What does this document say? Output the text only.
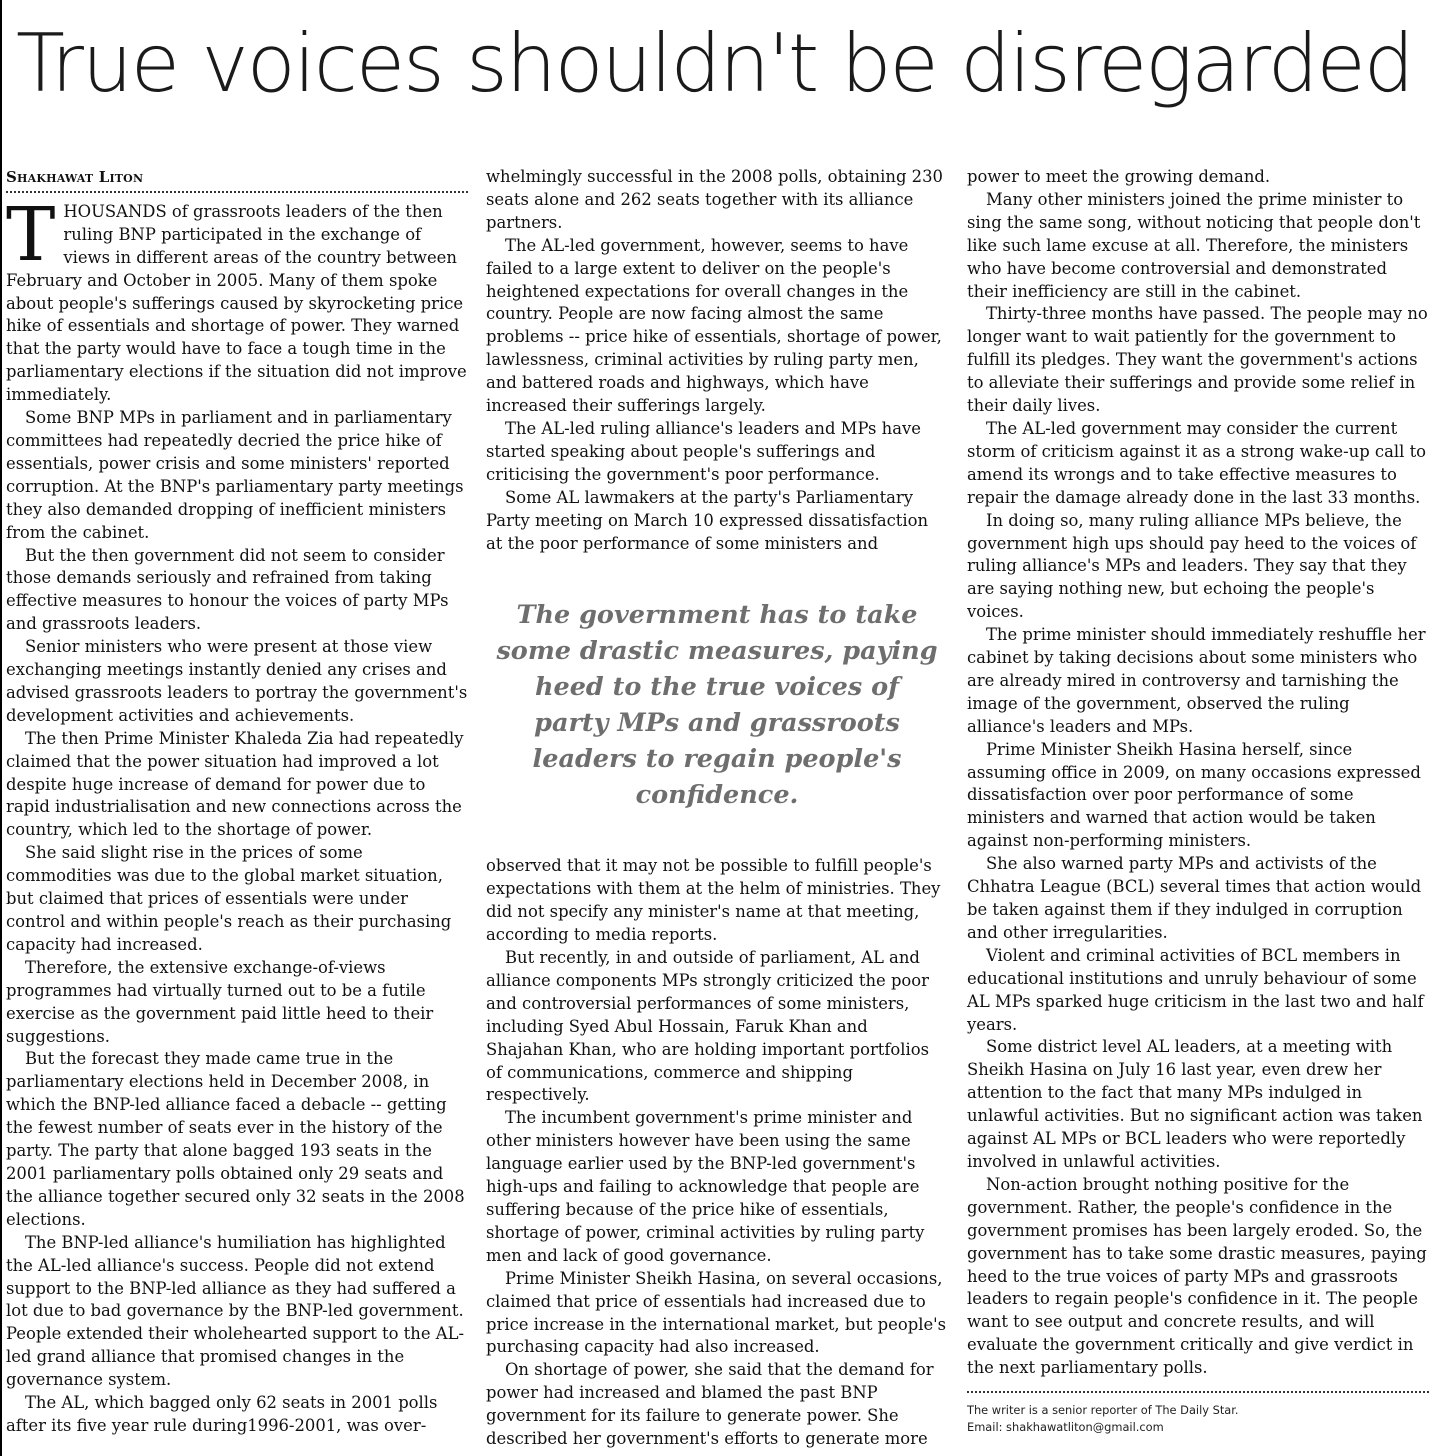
True voices shouldn't be disregarded
Shakhawat Liton

THOUSANDS of grassroots leaders of the then ruling BNP participated in the exchange of views in different areas of the country between February and October in 2005. Many of them spoke about people's sufferings caused by skyrocketing price hike of essentials and shortage of power. They warned that the party would have to face a tough time in the parliamentary elections if the situation did not improve immediately.

Some BNP MPs in parliament and in parliamentary committees had repeatedly decried the price hike of essentials, power crisis and some ministers' reported corruption. At the BNP's parliamentary party meetings they also demanded dropping of inefficient ministers from the cabinet.

But the then government did not seem to consider those demands seriously and refrained from taking effective measures to honour the voices of party MPs and grassroots leaders.

Senior ministers who were present at those view exchanging meetings instantly denied any crises and advised grassroots leaders to portray the government's development activities and achievements.

The then Prime Minister Khaleda Zia had repeatedly claimed that the power situation had improved a lot despite huge increase of demand for power due to rapid industrialisation and new connections across the country, which led to the shortage of power.

She said slight rise in the prices of some commodities was due to the global market situation, but claimed that prices of essentials were under control and within people's reach as their purchasing capacity had increased.

Therefore, the extensive exchange-of-views programmes had virtually turned out to be a futile exercise as the government paid little heed to their suggestions.

But the forecast they made came true in the parliamentary elections held in December 2008, in which the BNP-led alliance faced a debacle -- getting the fewest number of seats ever in the history of the party. The party that alone bagged 193 seats in the 2001 parliamentary polls obtained only 29 seats and the alliance together secured only 32 seats in the 2008 elections.

The BNP-led alliance's humiliation has highlighted the AL-led alliance's success. People did not extend support to the BNP-led alliance as they had suffered a lot due to bad governance by the BNP-led government. People extended their wholehearted support to the AL-led grand alliance that promised changes in the governance system.

The AL, which bagged only 62 seats in 2001 polls after its five year rule during1996-2001, was over-

whelmingly successful in the 2008 polls, obtaining 230 seats alone and 262 seats together with its alliance partners.

The AL-led government, however, seems to have failed to a large extent to deliver on the people's heightened expectations for overall changes in the country. People are now facing almost the same problems -- price hike of essentials, shortage of power, lawlessness, criminal activities by ruling party men, and battered roads and highways, which have increased their sufferings largely.

The AL-led ruling alliance's leaders and MPs have started speaking about people's sufferings and criticising the government's poor performance.

Some AL lawmakers at the party's Parliamentary Party meeting on March 10 expressed dissatisfaction at the poor performance of some ministers and

The government has to take some drastic measures, paying heed to the true voices of party MPs and grassroots leaders to regain people's confidence.

observed that it may not be possible to fulfill people's expectations with them at the helm of ministries. They did not specify any minister's name at that meeting, according to media reports.

But recently, in and outside of parliament, AL and alliance components MPs strongly criticized the poor and controversial performances of some ministers, including Syed Abul Hossain, Faruk Khan and Shajahan Khan, who are holding important portfolios of communications, commerce and shipping respectively.

The incumbent government's prime minister and other ministers however have been using the same language earlier used by the BNP-led government's high-ups and failing to acknowledge that people are suffering because of the price hike of essentials, shortage of power, criminal activities by ruling party men and lack of good governance.

Prime Minister Sheikh Hasina, on several occasions, claimed that price of essentials had increased due to price increase in the international market, but people's purchasing capacity had also increased.

On shortage of power, she said that the demand for power had increased and blamed the past BNP government for its failure to generate power. She described her government's efforts to generate more

power to meet the growing demand.

Many other ministers joined the prime minister to sing the same song, without noticing that people don't like such lame excuse at all. Therefore, the ministers who have become controversial and demonstrated their inefficiency are still in the cabinet.

Thirty-three months have passed. The people may no longer want to wait patiently for the government to fulfill its pledges. They want the government's actions to alleviate their sufferings and provide some relief in their daily lives.

The AL-led government may consider the current storm of criticism against it as a strong wake-up call to amend its wrongs and to take effective measures to repair the damage already done in the last 33 months.

In doing so, many ruling alliance MPs believe, the government high ups should pay heed to the voices of ruling alliance's MPs and leaders. They say that they are saying nothing new, but echoing the people's voices.

The prime minister should immediately reshuffle her cabinet by taking decisions about some ministers who are already mired in controversy and tarnishing the image of the government, observed the ruling alliance's leaders and MPs.

Prime Minister Sheikh Hasina herself, since assuming office in 2009, on many occasions expressed dissatisfaction over poor performance of some ministers and warned that action would be taken against non-performing ministers.

She also warned party MPs and activists of the Chhatra League (BCL) several times that action would be taken against them if they indulged in corruption and other irregularities.

Violent and criminal activities of BCL members in educational institutions and unruly behaviour of some AL MPs sparked huge criticism in the last two and half years.

Some district level AL leaders, at a meeting with Sheikh Hasina on July 16 last year, even drew her attention to the fact that many MPs indulged in unlawful activities. But no significant action was taken against AL MPs or BCL leaders who were reportedly involved in unlawful activities.

Non-action brought nothing positive for the government. Rather, the people's confidence in the government promises has been largely eroded. So, the government has to take some drastic measures, paying heed to the true voices of party MPs and grassroots leaders to regain people's confidence in it. The people want to see output and concrete results, and will evaluate the government critically and give verdict in the next parliamentary polls.

The writer is a senior reporter of The Daily Star.
Email: shakhawatliton@gmail.com
